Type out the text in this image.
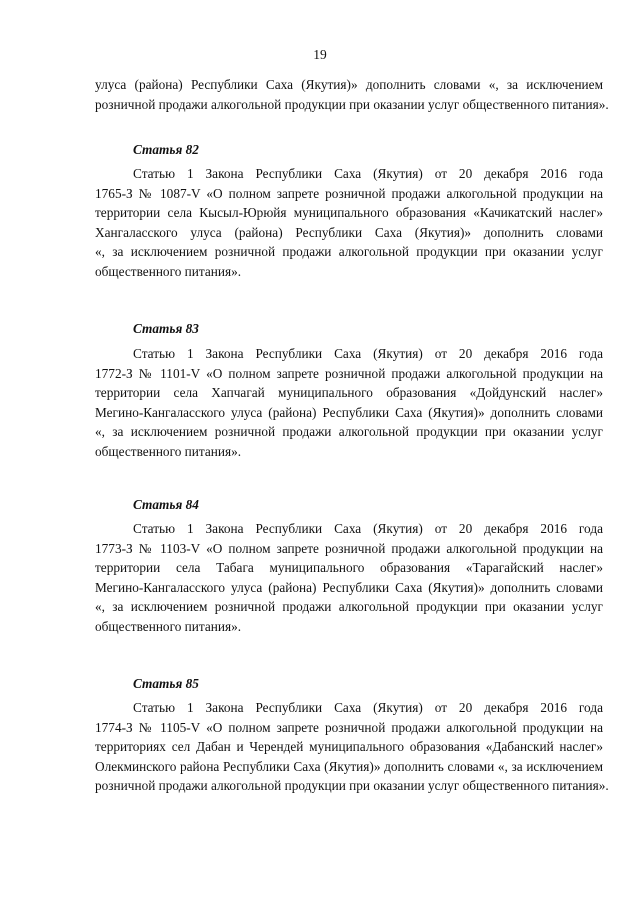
19
улуса (района) Республики Саха (Якутия)» дополнить словами «, за исключением
розничной продажи алкогольной продукции при оказании услуг общественного питания».
Статья 82
Статью 1 Закона Республики Саха (Якутия) от 20 декабря 2016 года
1765-З № 1087-V «О полном запрете розничной продажи алкогольной продукции на
территории села Кысыл-Юрюйя муниципального образования «Качикатский наслег»
Хангаласского улуса (района) Республики Саха (Якутия)» дополнить словами
«, за исключением розничной продажи алкогольной продукции при оказании услуг
общественного питания».
Статья 83
Статью 1 Закона Республики Саха (Якутия) от 20 декабря 2016 года
1772-З № 1101-V «О полном запрете розничной продажи алкогольной продукции на
территории села Хапчагай муниципального образования «Дойдунский наслег»
Мегино-Кангаласского улуса (района) Республики Саха (Якутия)» дополнить словами
«, за исключением розничной продажи алкогольной продукции при оказании услуг
общественного питания».
Статья 84
Статью 1 Закона Республики Саха (Якутия) от 20 декабря 2016 года
1773-З № 1103-V «О полном запрете розничной продажи алкогольной продукции на
территории села Табага муниципального образования «Тарагайский наслег»
Мегино-Кангаласского улуса (района) Республики Саха (Якутия)» дополнить словами
«, за исключением розничной продажи алкогольной продукции при оказании услуг
общественного питания».
Статья 85
Статью 1 Закона Республики Саха (Якутия) от 20 декабря 2016 года
1774-З № 1105-V «О полном запрете розничной продажи алкогольной продукции на
территориях сел Дабан и Черендей муниципального образования «Дабанский наслег»
Олекминского района Республики Саха (Якутия)» дополнить словами «, за исключением
розничной продажи алкогольной продукции при оказании услуг общественного питания».
